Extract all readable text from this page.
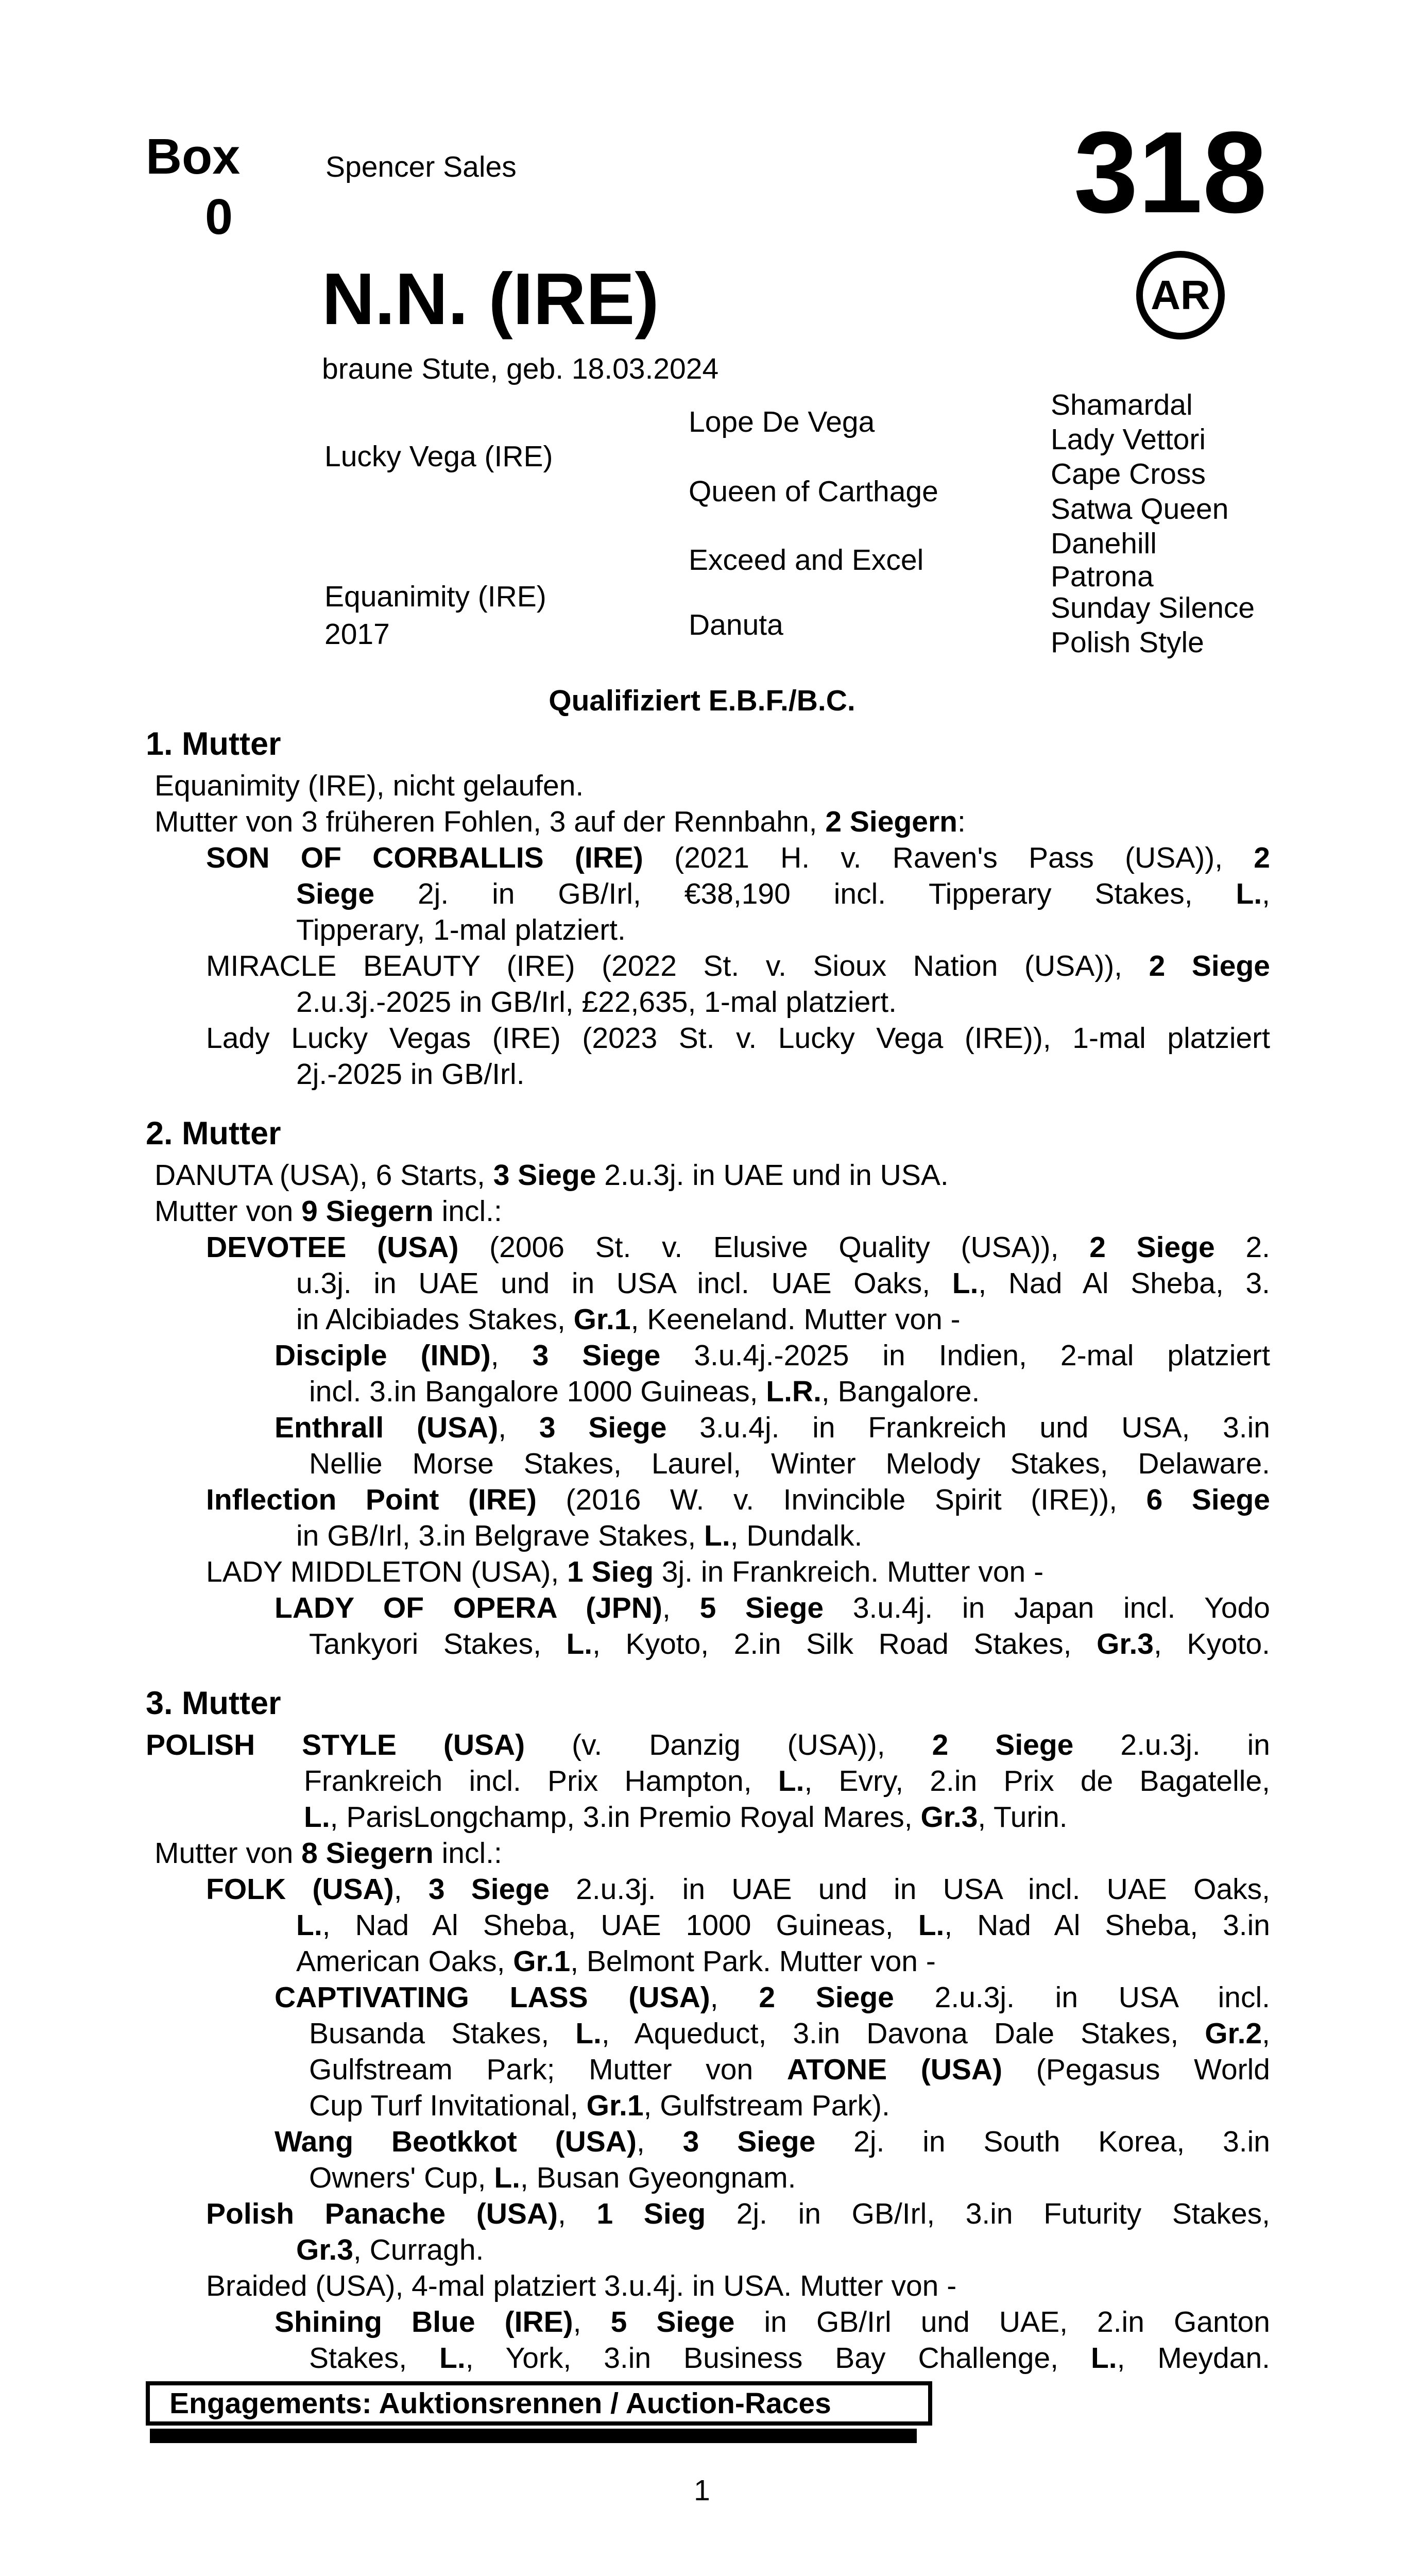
Box
0
Spencer Sales	318
AR
N.N. (IRE)
braune Stute, geb. 18.03.2024
Lucky Vega (IRE)
Equanimity (IRE)
2017
Lope De Vega
Queen of Carthage
Exceed and Excel
Danuta
Shamardal
Lady Vettori
Cape Cross
Satwa Queen
Danehill
Patrona
Sunday Silence
Polish Style
Qualifiziert E.B.F./B.C.
1. Mutter
Equanimity (IRE), nicht gelaufen.
Mutter von 3 früheren Fohlen, 3 auf der Rennbahn, 2 Siegern:
SON OF CORBALLIS (IRE) (2021 H. v. Raven's Pass (USA)), 2
Siege 2j. in GB/Irl, €38,190 incl. Tipperary Stakes, L.,
Tipperary, 1-mal platziert.
MIRACLE BEAUTY (IRE) (2022 St. v. Sioux Nation (USA)), 2 Siege
2.u.3j.-2025 in GB/Irl, £22,635, 1-mal platziert.
Lady Lucky Vegas (IRE) (2023 St. v. Lucky Vega (IRE)), 1-mal platziert
2j.-2025 in GB/Irl.
2. Mutter
DANUTA (USA), 6 Starts, 3 Siege 2.u.3j. in UAE und in USA.
Mutter von 9 Siegern incl.:
DEVOTEE (USA) (2006 St. v. Elusive Quality (USA)), 2 Siege 2.
u.3j. in UAE und in USA incl. UAE Oaks, L., Nad Al Sheba, 3.
in Alcibiades Stakes, Gr.1, Keeneland. Mutter von -
Disciple (IND), 3 Siege 3.u.4j.-2025 in Indien, 2-mal platziert
incl. 3.in Bangalore 1000 Guineas, L.R., Bangalore.
Enthrall (USA), 3 Siege 3.u.4j. in Frankreich und USA, 3.in
Nellie Morse Stakes, Laurel, Winter Melody Stakes, Delaware.
Inflection Point (IRE) (2016 W. v. Invincible Spirit (IRE)), 6 Siege
in GB/Irl, 3.in Belgrave Stakes, L., Dundalk.
LADY MIDDLETON (USA), 1 Sieg 3j. in Frankreich. Mutter von -
LADY OF OPERA (JPN), 5 Siege 3.u.4j. in Japan incl. Yodo
Tankyori Stakes, L., Kyoto, 2.in Silk Road Stakes, Gr.3, Kyoto.
3. Mutter
POLISH STYLE (USA) (v. Danzig (USA)), 2 Siege 2.u.3j. in
Frankreich incl. Prix Hampton, L., Evry, 2.in Prix de Bagatelle,
L., ParisLongchamp, 3.in Premio Royal Mares, Gr.3, Turin.
Mutter von 8 Siegern incl.:
FOLK (USA), 3 Siege 2.u.3j. in UAE und in USA incl. UAE Oaks,
L., Nad Al Sheba, UAE 1000 Guineas, L., Nad Al Sheba, 3.in
American Oaks, Gr.1, Belmont Park. Mutter von -
CAPTIVATING LASS (USA), 2 Siege 2.u.3j. in USA incl.
Busanda Stakes, L., Aqueduct, 3.in Davona Dale Stakes, Gr.2,
Gulfstream Park; Mutter von ATONE (USA) (Pegasus World
Cup Turf Invitational, Gr.1, Gulfstream Park).
Wang Beotkkot (USA), 3 Siege 2j. in South Korea, 3.in
Owners' Cup, L., Busan Gyeongnam.
Polish Panache (USA), 1 Sieg 2j. in GB/Irl, 3.in Futurity Stakes,
Gr.3, Curragh.
Braided (USA), 4-mal platziert 3.u.4j. in USA. Mutter von -
Shining Blue (IRE), 5 Siege in GB/Irl und UAE, 2.in Ganton
Stakes, L., York, 3.in Business Bay Challenge, L., Meydan.
Engagements: Auktionsrennen / Auction-Races
1
